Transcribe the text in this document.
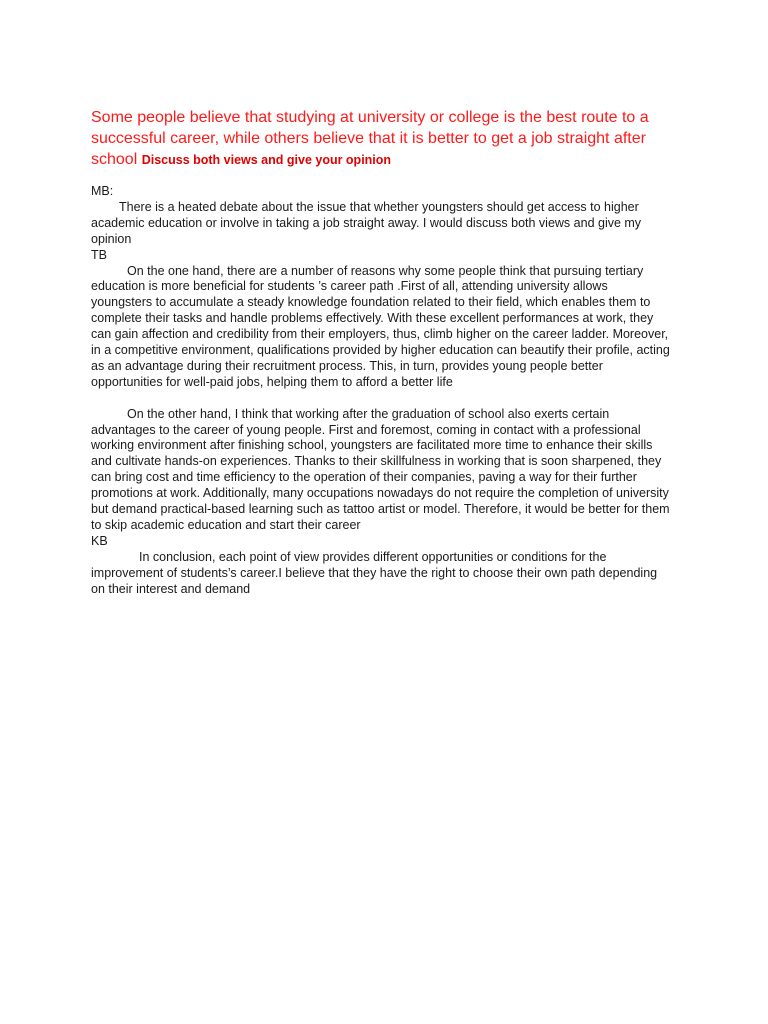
Some people believe that studying at university or college is the best route to a successful career, while others believe that it is better to get a job straight after school Discuss both views and give your opinion

MB:

There is a heated debate about the issue that whether youngsters should get access to higher academic education or involve in taking a job straight away. I would discuss both views and give my opinion

TB

On the one hand, there are a number of reasons why some people think that pursuing tertiary education is more beneficial for students ’s career path .First of all, attending university allows youngsters to accumulate a steady knowledge foundation related to their field, which enables them to complete their tasks and handle problems effectively. With these excellent performances at work, they can gain affection and credibility from their employers, thus, climb higher on the career ladder. Moreover, in a competitive environment, qualifications provided by higher education can beautify their profile, acting as an advantage during their recruitment process. This, in turn, provides young people better opportunities for well-paid jobs, helping them to afford a better life

On the other hand, I think that working after the graduation of school also exerts certain advantages to the career of young people. First and foremost, coming in contact with a professional working environment after finishing school, youngsters are facilitated more time to enhance their skills and cultivate hands-on experiences. Thanks to their skillfulness in working that is soon sharpened, they can bring cost and time efficiency to the operation of their companies, paving a way for their further promotions at work. Additionally, many occupations nowadays do not require the completion of university but demand practical-based learning such as tattoo artist or model. Therefore, it would be better for them to skip academic education and start their career

KB

In conclusion, each point of view provides different opportunities or conditions for the improvement of students’s career.I believe that they have the right to choose their own path depending on their interest and demand
